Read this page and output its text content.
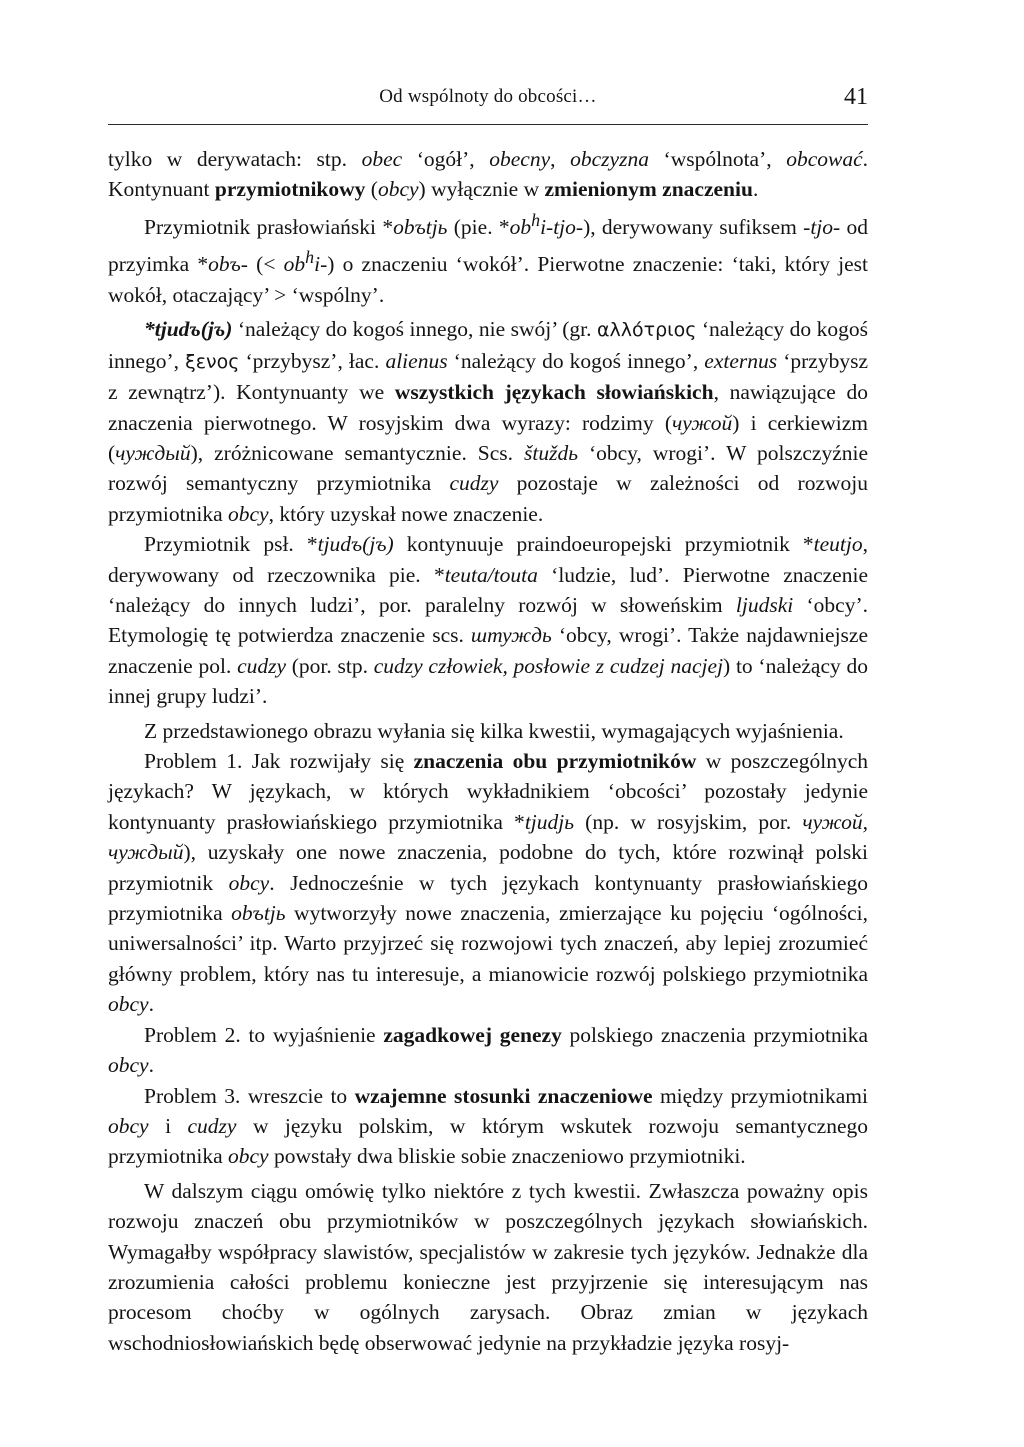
Od wspólnoty do obcości…	41

tylko w derywatach: stp. obec ‘ogół’, obecny, obczyzna ‘wspólnota’, obcować. Kontynuant przymiotnikowy (obcy) wyłącznie w zmienionym znaczeniu.

Przymiotnik prasłowiański *obъtjь (pie. $*ob^hi-tjo-$), derywowany sufiksem -tjo- od przyimka *obъ- (< $ob^hi-$) o znaczeniu ‘wokół’. Pierwotne znaczenie: ‘taki, który jest wokół, otaczający’ > ‘wspólny’.

*tjudъ(jъ) ‘należący do kogoś innego, nie swój’ (gr. αλλότριος ‘należący do kogoś innego’, ξενος ‘przybysz’, łac. alienus ‘należący do kogoś innego’, externus ‘przybysz z zewnątrz’). Kontynuanty we wszystkich językach słowiańskich, nawiązujące do znaczenia pierwotnego. W rosyjskim dwa wyrazy: rodzimy (чужой) i cerkiewizm (чуждый), zróżnicowane semantycznie. Scs. štuždь ‘obcy, wrogi’. W polszczyźnie rozwój semantyczny przymiotnika cudzy pozostaje w zależności od rozwoju przymiotnika obcy, który uzyskał nowe znaczenie.

Przymiotnik psł. *tjudъ(jъ) kontynuuje praindoeuropejski przymiotnik *teutjo, derywowany od rzeczownika pie. *teuta/touta ‘ludzie, lud’. Pierwotne znaczenie ‘należący do innych ludzi’, por. paralelny rozwój w słoweńskim ljudski ‘obcy’. Etymologię tę potwierdza znaczenie scs. штуждь ‘obcy, wrogi’. Także najdawniejsze znaczenie pol. cudzy (por. stp. cudzy człowiek, posłowie z cudzej nacjej) to ‘należący do innej grupy ludzi’.

Z przedstawionego obrazu wyłania się kilka kwestii, wymagających wyjaśnienia.

Problem 1. Jak rozwijały się znaczenia obu przymiotników w poszczególnych językach? W językach, w których wykładnikiem ‘obcości’ pozostały jedynie kontynuanty prasłowiańskiego przymiotnika *tjudjь (np. w rosyjskim, por. чужой, чуждый), uzyskały one nowe znaczenia, podobne do tych, które rozwinął polski przymiotnik obcy. Jednocześnie w tych językach kontynuanty prasłowiańskiego przymiotnika obъtjь wytworzyły nowe znaczenia, zmierzające ku pojęciu ‘ogólności, uniwersalności’ itp. Warto przyjrzeć się rozwojowi tych znaczeń, aby lepiej zrozumieć główny problem, który nas tu interesuje, a mianowicie rozwój polskiego przymiotnika obcy.

Problem 2. to wyjaśnienie zagadkowej genezy polskiego znaczenia przymiotnika obcy.

Problem 3. wreszcie to wzajemne stosunki znaczeniowe między przymiotnikami obcy i cudzy w języku polskim, w którym wskutek rozwoju semantycznego przymiotnika obcy powstały dwa bliskie sobie znaczeniowo przymiotniki.

W dalszym ciągu omówię tylko niektóre z tych kwestii. Zwłaszcza poważny opis rozwoju znaczeń obu przymiotników w poszczególnych językach słowiańskich. Wymagałby współpracy slawistów, specjalistów w zakresie tych języków. Jednakże dla zrozumienia całości problemu konieczne jest przyjrzenie się interesującym nas procesom choćby w ogólnych zarysach. Obraz zmian w językach wschodniosłowiańskich będę obserwować jedynie na przykładzie języka rosyj-
